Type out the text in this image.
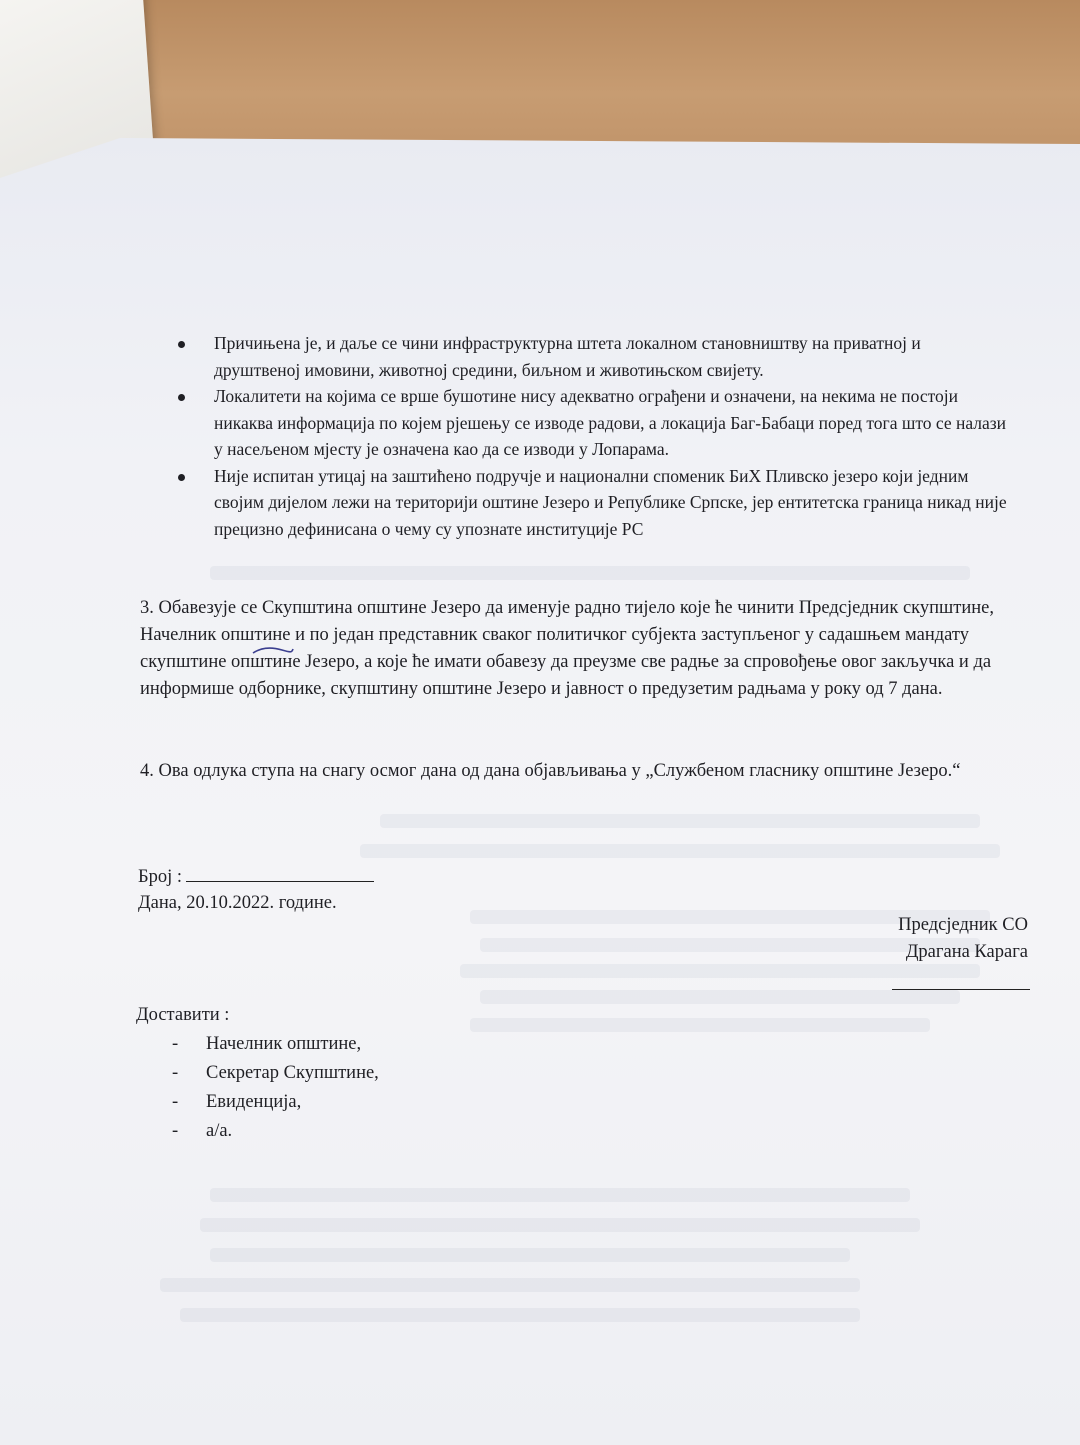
Причињена је, и даље се чини инфраструктурна штета локалном становништву на приватној и друштвеној имовини, животној средини, биљном и животињском свијету.
Локалитети на којима се врше бушотине нису адекватно ограђени и означени, на некима не постоји никаква информација по којем рјешењу се изводе радови, а локација Баг-Бабаци поред тога што се налази у насељеном мјесту је означена као да се изводи у Лопарама.
Није испитан утицај на заштићено подручје и национални споменик БиХ Пливско језеро који једним својим дијелом лежи на територији оштине Језеро и Републике Српске, јер ентитетска граница никад није прецизно дефинисана о чему су упознате институције РС
3. Обавезује се Скупштина општине Језеро да именује радно тијело које ће чинити Предсједник скупштине, Начелник општине и по један представник сваког политичког субјекта заступљеног у садашњем мандату скупштине општине Језеро, а које ће имати обавезу да преузме све радње за спровођење овог закључка и да информише одборнике, скупштину општине Језеро и јавност о предузетим радњама у року од 7 дана.
4. Ова одлука ступа на снагу осмог дана од дана објављивања у „Службеном гласнику општине Језеро.“
Број :
Дана, 20.10.2022. године.
Предсједник СО
Драгана Карага
Доставити :
- Начелник општине,
- Секретар Скупштине,
- Евиденција,
- а/а.
